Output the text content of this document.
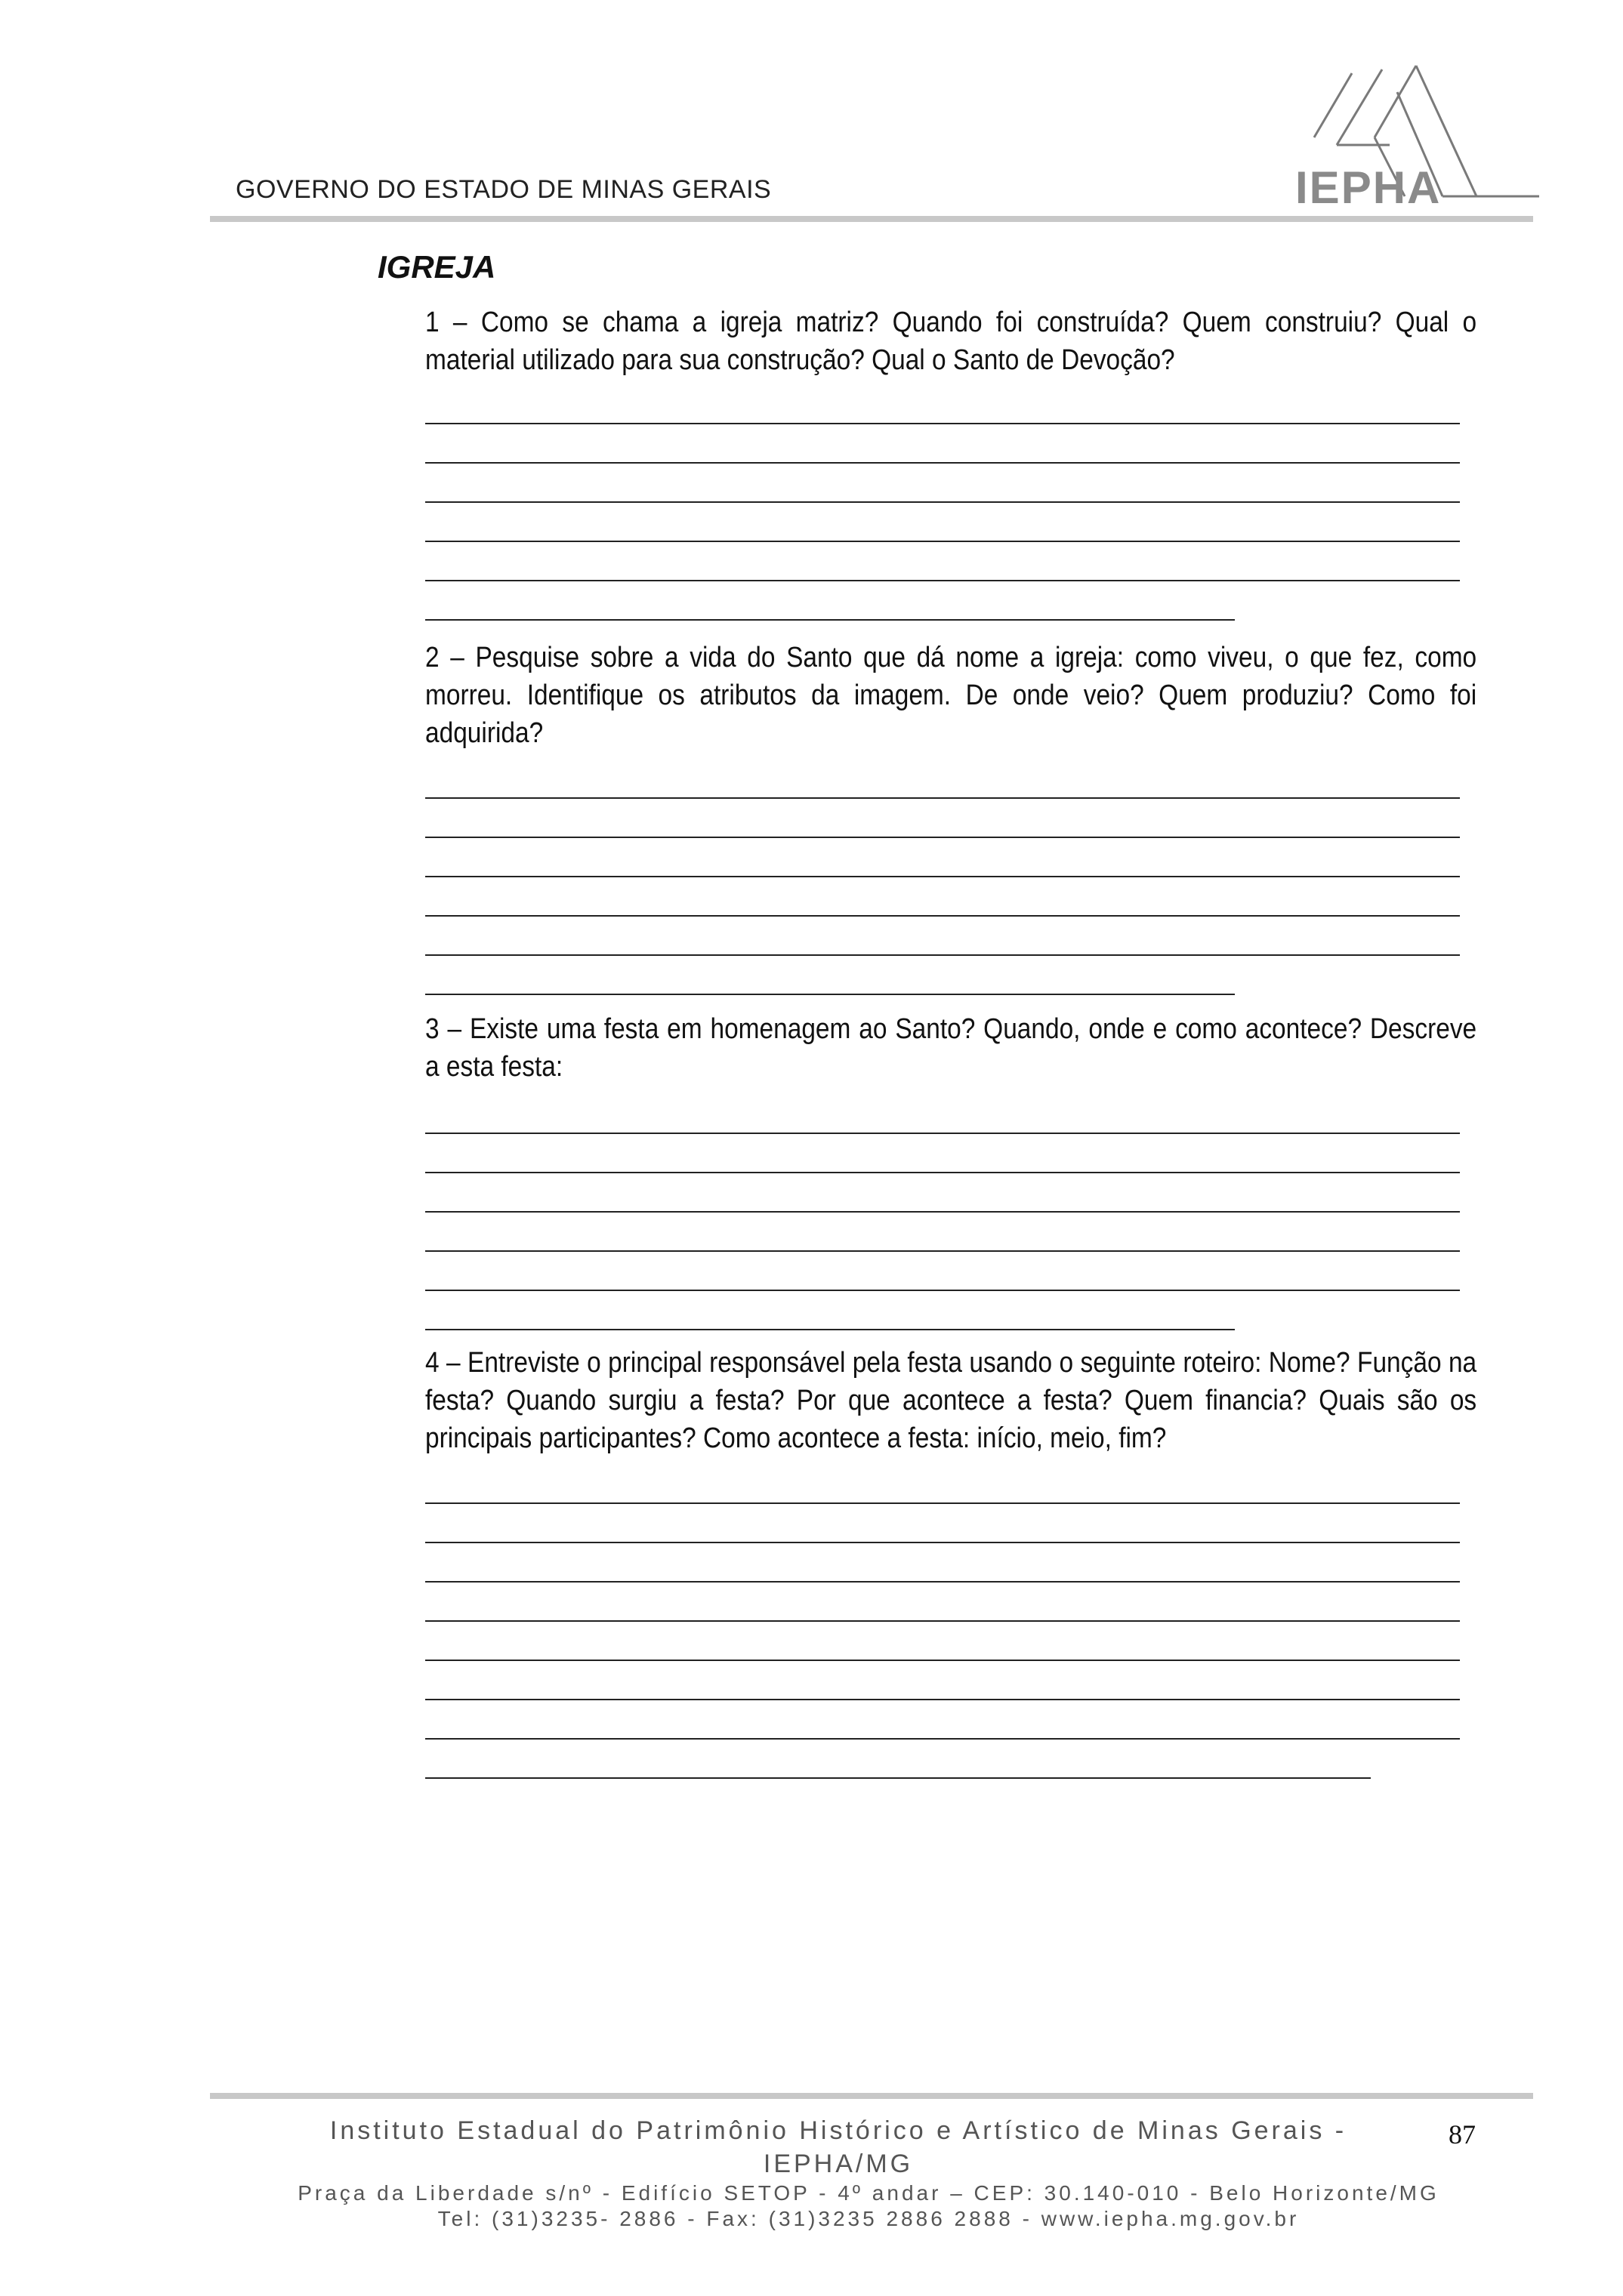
GOVERNO DO ESTADO DE MINAS GERAIS	IEPHA
IGREJA
1 – Como se chama a igreja matriz? Quando foi construída? Quem construiu? Qual o material utilizado para sua construção? Qual o Santo de Devoção?
2 – Pesquise sobre a vida do Santo que dá nome a igreja: como viveu, o que fez, como morreu. Identifique os atributos da imagem. De onde veio? Quem produziu? Como foi adquirida?
3 – Existe uma festa em homenagem ao Santo? Quando, onde e como acontece? Descreve a esta festa:
4 – Entreviste o principal responsável pela festa usando o seguinte roteiro: Nome? Função na festa? Quando surgiu a festa? Por que acontece a festa? Quem financia? Quais são os principais participantes? Como acontece a festa: início, meio, fim?
Instituto Estadual do Patrimônio Histórico e Artístico de Minas Gerais - IEPHA/MG
87
Praça da Liberdade s/nº - Edifício SETOP - 4º andar – CEP: 30.140-010 - Belo Horizonte/MG
Tel: (31)3235- 2886 - Fax: (31)3235 2886 2888 - www.iepha.mg.gov.br
